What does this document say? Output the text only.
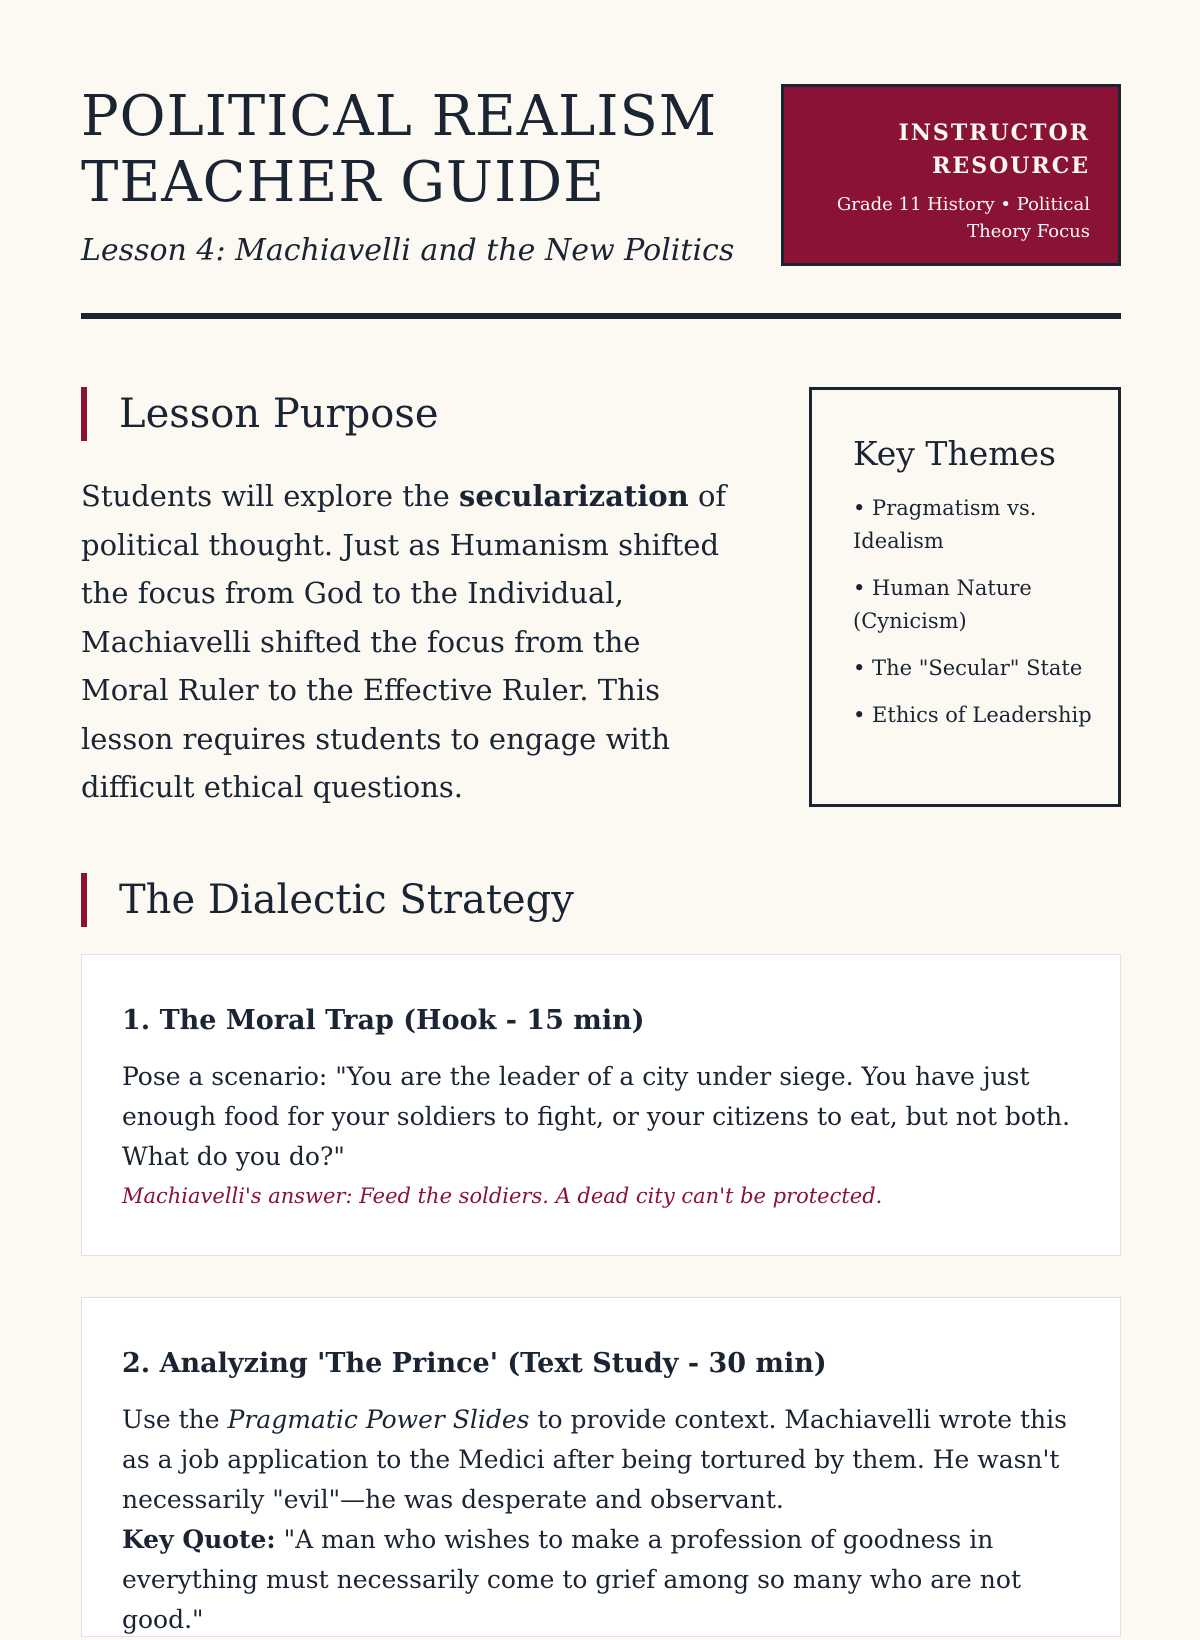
POLITICAL REALISM
TEACHER GUIDE

Lesson 4: Machiavelli and the New Politics

INSTRUCTOR
RESOURCE
Grade 11 History • Political
Theory Focus
Lesson Purpose

Students will explore the secularization of political thought. Just as Humanism shifted the focus from God to the Individual, Machiavelli shifted the focus from the Moral Ruler to the Effective Ruler. This lesson requires students to engage with difficult ethical questions.

Key Themes
• Pragmatism vs. Idealism
• Human Nature (Cynicism)
• The "Secular" State
• Ethics of Leadership
The Dialectic Strategy
1. The Moral Trap (Hook - 15 min)

Pose a scenario: "You are the leader of a city under siege. You have just enough food for your soldiers to fight, or your citizens to eat, but not both. What do you do?"

Machiavelli's answer: Feed the soldiers. A dead city can't be protected.

2. Analyzing 'The Prince' (Text Study - 30 min)

Use the Pragmatic Power Slides to provide context. Machiavelli wrote this as a job application to the Medici after being tortured by them. He wasn't necessarily "evil"—he was desperate and observant.

Key Quote: "A man who wishes to make a profession of goodness in everything must necessarily come to grief among so many who are not good."
